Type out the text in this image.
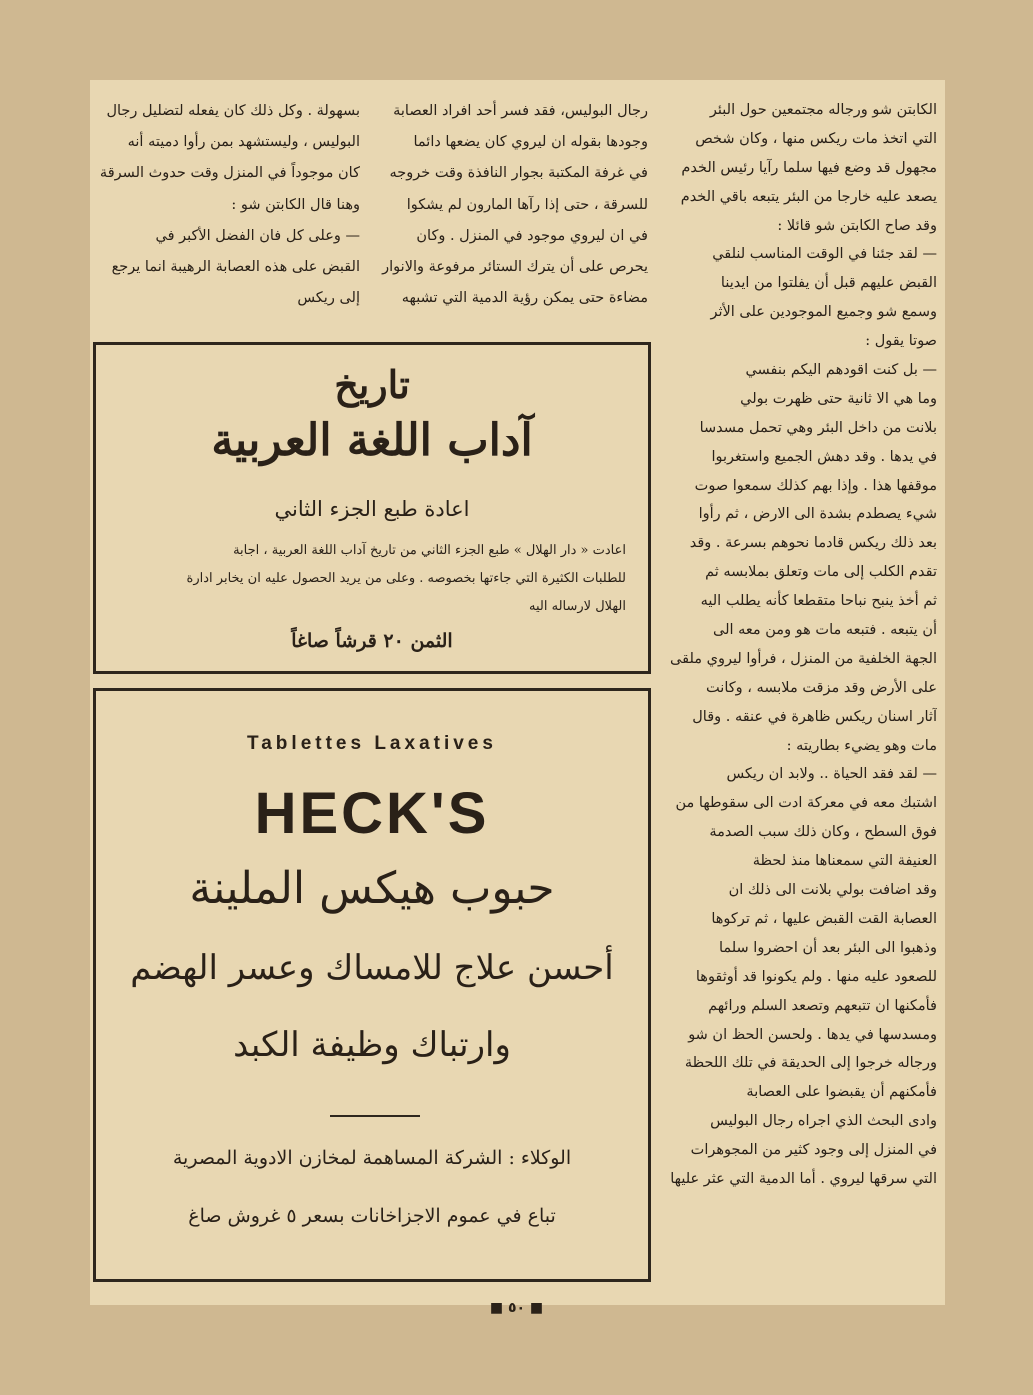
الكابتن شو ورجاله مجتمعين حول البئر
التي اتخذ مات ريكس منها ، وكان شخص
مجهول قد وضع فيها سلما رآيا رئيس الخدم
يصعد عليه خارجا من البئر يتبعه باقي الخدم
وقد صاح الكابتن شو قائلا :
— لقد جئنا في الوقت المناسب لنلقي
القبض عليهم قبل أن يفلتوا من ايدينا
وسمع شو وجميع الموجودين على الأثر
صوتا يقول :
— بل كنت اقودهم اليكم بنفسي
وما هي الا ثانية حتى ظهرت بولي
بلانت من داخل البئر وهي تحمل مسدسا
في يدها . وقد دهش الجميع واستغربوا
موقفها هذا . وإذا بهم كذلك سمعوا صوت
شيء يصطدم بشدة الى الارض ، ثم رأوا
بعد ذلك ريكس قادما نحوهم بسرعة . وقد
تقدم الكلب إلى مات وتعلق بملابسه ثم
ثم أخذ ينبح نباحا متقطعا كأنه يطلب اليه
أن يتبعه . فتبعه مات هو ومن معه الى
الجهة الخلفية من المنزل ، فرأوا ليروي ملقى
على الأرض وقد مزقت ملابسه ، وكانت
آثار اسنان ريكس ظاهرة في عنقه . وقال
مات وهو يضيء بطاريته :
— لقد فقد الحياة .. ولابد ان ريكس
اشتبك معه في معركة ادت الى سقوطها من
فوق السطح ، وكان ذلك سبب الصدمة
العنيفة التي سمعناها منذ لحظة
وقد اضافت بولي بلانت الى ذلك ان
العصابة القت القبض عليها ، ثم تركوها
وذهبوا الى البئر بعد أن احضروا سلما
للصعود عليه منها . ولم يكونوا قد أوثقوها
فأمكنها ان تتبعهم وتصعد السلم ورائهم
ومسدسها في يدها . ولحسن الحظ ان شو
ورجاله خرجوا إلى الحديقة في تلك اللحظة
فأمكنهم أن يقبضوا على العصابة
وادى البحث الذي اجراه رجال البوليس
في المنزل إلى وجود كثير من المجوهرات
التي سرقها ليروي . أما الدمية التي عثر عليها
رجال البوليس، فقد فسر أحد افراد العصابة
وجودها بقوله ان ليروي كان يضعها دائما
في غرفة المكتبة بجوار النافذة وقت خروجه
للسرقة ، حتى إذا رآها المارون لم يشكوا
في ان ليروي موجود في المنزل . وكان
يحرص على أن يترك الستائر مرفوعة والانوار
مضاءة حتى يمكن رؤية الدمية التي تشبهه
بسهولة . وكل ذلك كان يفعله لتضليل رجال
البوليس ، وليستشهد بمن رأوا دميته أنه
كان موجوداً في المنزل وقت حدوث السرقة
وهنا قال الكابتن شو :
— وعلى كل فان الفضل الأكبر في
القبض على هذه العصابة الرهيبة انما يرجع
إلى ريكس
تاريخ
آداب اللغة العربية
اعادة طبع الجزء الثاني
اعادت « دار الهلال » طبع الجزء الثاني من تاريخ آداب اللغة العربية ، اجابة
للطلبات الكثيرة التي جاءتها بخصوصه . وعلى من يريد الحصول عليه ان يخابر ادارة
الهلال لارساله اليه
الثمن ٢٠ قرشاً صاغاً
Tablettes Laxatives
HECK'S
حبوب هيكس الملينة
أحسن علاج للامساك وعسر الهضم
وارتباك وظيفة الكبد
الوكلاء : الشركة المساهمة لمخازن الادوية المصرية
تباع في عموم الاجزاخانات بسعر ٥ غروش صاغ
■ ٥٠ ■
